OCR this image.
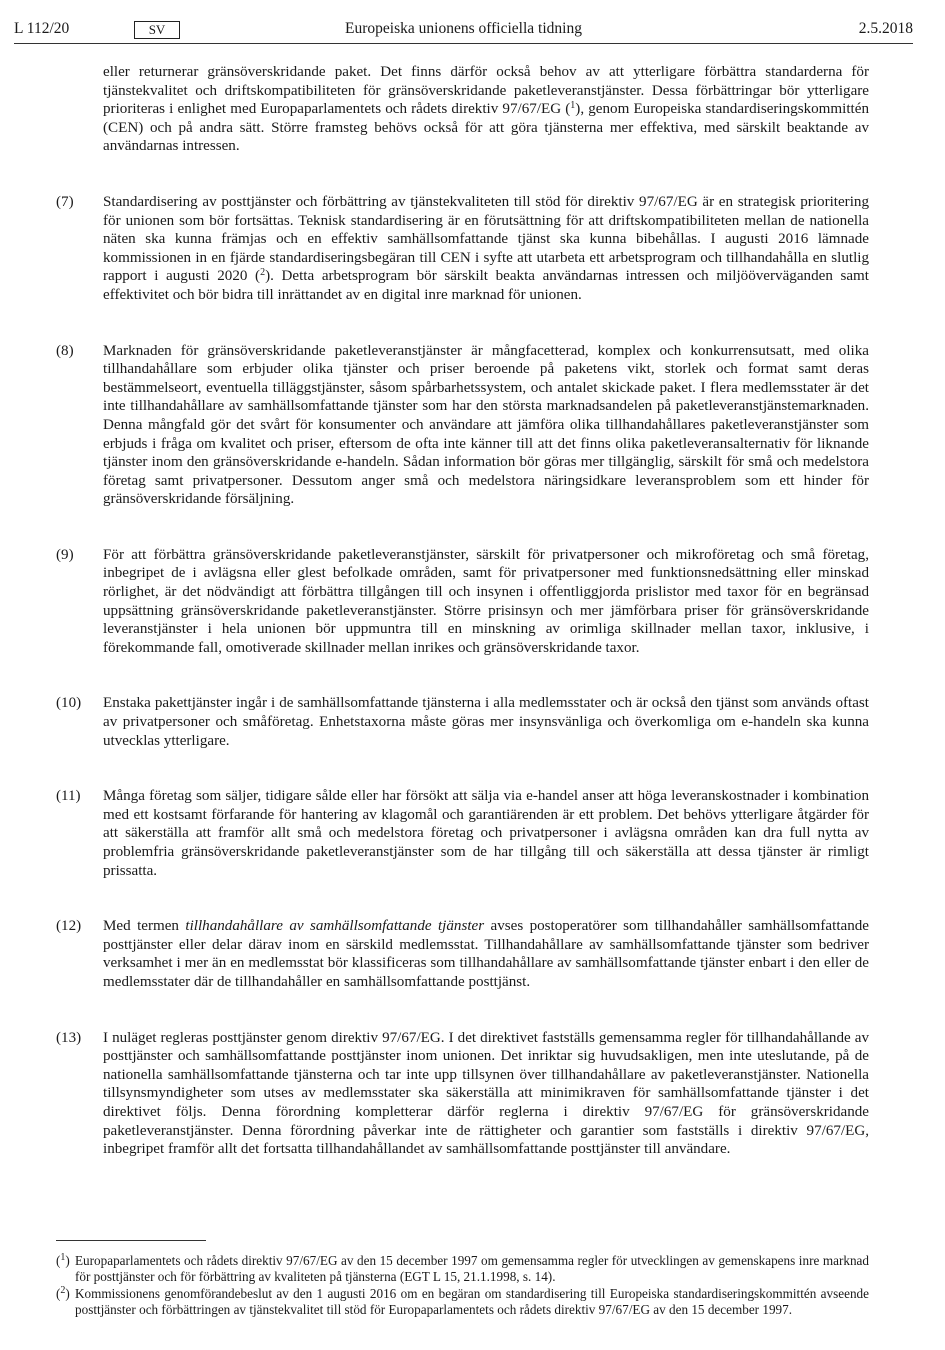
L 112/20	SV	Europeiska unionens officiella tidning	2.5.2018
eller returnerar gränsöverskridande paket. Det finns därför också behov av att ytterligare förbättra standarderna för tjänstekvalitet och driftskompatibiliteten för gränsöverskridande paketleveranstjänster. Dessa förbättringar bör ytterligare prioriteras i enlighet med Europaparlamentets och rådets direktiv 97/67/EG ($^1$), genom Europeiska standardiseringskommittén (CEN) och på andra sätt. Större framsteg behövs också för att göra tjänsterna mer effektiva, med särskilt beaktande av användarnas intressen.
(7) Standardisering av posttjänster och förbättring av tjänstekvaliteten till stöd för direktiv 97/67/EG är en strategisk prioritering för unionen som bör fortsättas. Teknisk standardisering är en förutsättning för att driftskompatibiliteten mellan de nationella näten ska kunna främjas och en effektiv samhällsomfattande tjänst ska kunna bibehållas. I augusti 2016 lämnade kommissionen in en fjärde standardiseringsbegäran till CEN i syfte att utarbeta ett arbetsprogram och tillhandahålla en slutlig rapport i augusti 2020 ($^2$). Detta arbetsprogram bör särskilt beakta användarnas intressen och miljööverväganden samt effektivitet och bör bidra till inrättandet av en digital inre marknad för unionen.
(8) Marknaden för gränsöverskridande paketleveranstjänster är mångfacetterad, komplex och konkurrensutsatt, med olika tillhandahållare som erbjuder olika tjänster och priser beroende på paketens vikt, storlek och format samt deras bestämmelseort, eventuella tilläggstjänster, såsom spårbarhetssystem, och antalet skickade paket. I flera medlemsstater är det inte tillhandahållare av samhällsomfattande tjänster som har den största marknadsandelen på paketleveranstjänstemarknaden. Denna mångfald gör det svårt för konsumenter och användare att jämföra olika tillhandahållares paketleveranstjänster som erbjuds i fråga om kvalitet och priser, eftersom de ofta inte känner till att det finns olika paketleveransalternativ för liknande tjänster inom den gränsöverskridande e-handeln. Sådan information bör göras mer tillgänglig, särskilt för små och medelstora företag samt privatpersoner. Dessutom anger små och medelstora näringsidkare leveransproblem som ett hinder för gränsöverskridande försäljning.
(9) För att förbättra gränsöverskridande paketleveranstjänster, särskilt för privatpersoner och mikroföretag och små företag, inbegripet de i avlägsna eller glest befolkade områden, samt för privatpersoner med funktionsnedsättning eller minskad rörlighet, är det nödvändigt att förbättra tillgången till och insynen i offentliggjorda prislistor med taxor för en begränsad uppsättning gränsöverskridande paketleveranstjänster. Större prisinsyn och mer jämförbara priser för gränsöverskridande leveranstjänster i hela unionen bör uppmuntra till en minskning av orimliga skillnader mellan taxor, inklusive, i förekommande fall, omotiverade skillnader mellan inrikes och gränsöverskridande taxor.
(10) Enstaka pakettjänster ingår i de samhällsomfattande tjänsterna i alla medlemsstater och är också den tjänst som används oftast av privatpersoner och småföretag. Enhetstaxorna måste göras mer insynsvänliga och överkomliga om e-handeln ska kunna utvecklas ytterligare.
(11) Många företag som säljer, tidigare sålde eller har försökt att sälja via e-handel anser att höga leveranskostnader i kombination med ett kostsamt förfarande för hantering av klagomål och garantiärenden är ett problem. Det behövs ytterligare åtgärder för att säkerställa att framför allt små och medelstora företag och privatpersoner i avlägsna områden kan dra full nytta av problemfria gränsöverskridande paketleveranstjänster som de har tillgång till och säkerställa att dessa tjänster är rimligt prissatta.
(12) Med termen tillhandahållare av samhällsomfattande tjänster avses postoperatörer som tillhandahåller samhällsomfattande posttjänster eller delar därav inom en särskild medlemsstat. Tillhandahållare av samhällsomfattande tjänster som bedriver verksamhet i mer än en medlemsstat bör klassificeras som tillhandahållare av samhällsomfattande tjänster enbart i den eller de medlemsstater där de tillhandahåller en samhällsomfattande posttjänst.
(13) I nuläget regleras posttjänster genom direktiv 97/67/EG. I det direktivet fastställs gemensamma regler för tillhandahållande av posttjänster och samhällsomfattande posttjänster inom unionen. Det inriktar sig huvudsakligen, men inte uteslutande, på de nationella samhällsomfattande tjänsterna och tar inte upp tillsynen över tillhandahållare av paketleveranstjänster. Nationella tillsynsmyndigheter som utses av medlemsstater ska säkerställa att minimikraven för samhällsomfattande tjänster i det direktivet följs. Denna förordning kompletterar därför reglerna i direktiv 97/67/EG för gränsöverskridande paketleveranstjänster. Denna förordning påverkar inte de rättigheter och garantier som fastställs i direktiv 97/67/EG, inbegripet framför allt det fortsatta tillhandahållandet av samhällsomfattande posttjänster till användare.
($^1$) Europaparlamentets och rådets direktiv 97/67/EG av den 15 december 1997 om gemensamma regler för utvecklingen av gemenskapens inre marknad för posttjänster och för förbättring av kvaliteten på tjänsterna (EGT L 15, 21.1.1998, s. 14).
($^2$) Kommissionens genomförandebeslut av den 1 augusti 2016 om en begäran om standardisering till Europeiska standardiseringskommittén avseende posttjänster och förbättringen av tjänstekvalitet till stöd för Europaparlamentets och rådets direktiv 97/67/EG av den 15 december 1997.
